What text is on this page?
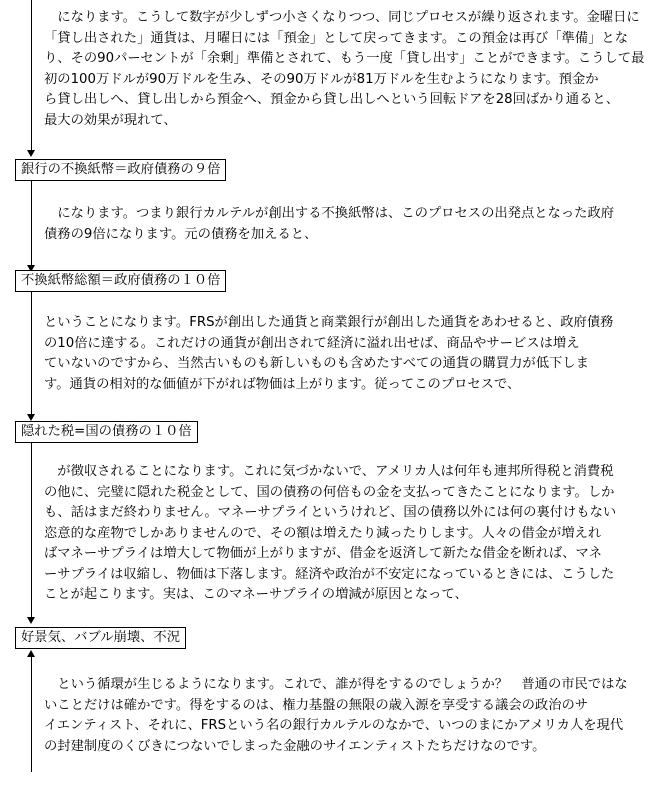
　になります。こうして数字が少しずつ小さくなりつつ、同じプロセスが繰り返されます。金曜日に
「貸し出された」通貨は、月曜日には「預金」として戻ってきます。この預金は再び「準備」とな
り、その90パーセントが「余剰」準備とされて、もう一度「貸し出す」ことができます。こうして最
初の100万ドルが90万ドルを生み、その90万ドルが81万ドルを生むようになります。預金か
ら貸し出しへ、貸し出しから預金へ、預金から貸し出しへという回転ドアを28回ばかり通ると、
最大の効果が現れて、

銀行の不換紙幣＝政府債務の９倍

　になります。つまり銀行カルテルが創出する不換紙幣は、このプロセスの出発点となった政府
債務の9倍になります。元の債務を加えると、

不換紙幣総額＝政府債務の１０倍

ということになります。FRSが創出した通貨と商業銀行が創出した通貨をあわせると、政府債務
の10倍に達する。これだけの通貨が創出されて経済に溢れ出せば、商品やサービスは増え
ていないのですから、当然古いものも新しいものも含めたすべての通貨の購買力が低下しま
す。通貨の相対的な価値が下がれば物価は上がります。従ってこのプロセスで、

隠れた税=国の債務の１０倍

　が徴収されることになります。これに気づかないで、アメリカ人は何年も連邦所得税と消費税
の他に、完璧に隠れた税金として、国の債務の何倍もの金を支払ってきたことになります。しか
も、話はまだ終わりません。マネーサプライというけれど、国の債務以外には何の裏付けもない
恣意的な産物でしかありませんので、その額は増えたり減ったりします。人々の借金が増えれ
ばマネーサプライは増大して物価が上がりますが、借金を返済して新たな借金を断れば、マネ
ーサプライは収縮し、物価は下落します。経済や政治が不安定になっているときには、こうした
ことが起こります。実は、このマネーサプライの増減が原因となって、

好景気、バブル崩壊、不況

　という循環が生じるようになります。これで、誰が得をするのでしょうか？　普通の市民ではな
いことだけは確かです。得をするのは、権力基盤の無限の歳入源を享受する議会の政治のサ
イエンティスト、それに、FRSという名の銀行カルテルのなかで、いつのまにかアメリカ人を現代
の封建制度のくびきにつないでしまった金融のサイエンティストたちだけなのです。
